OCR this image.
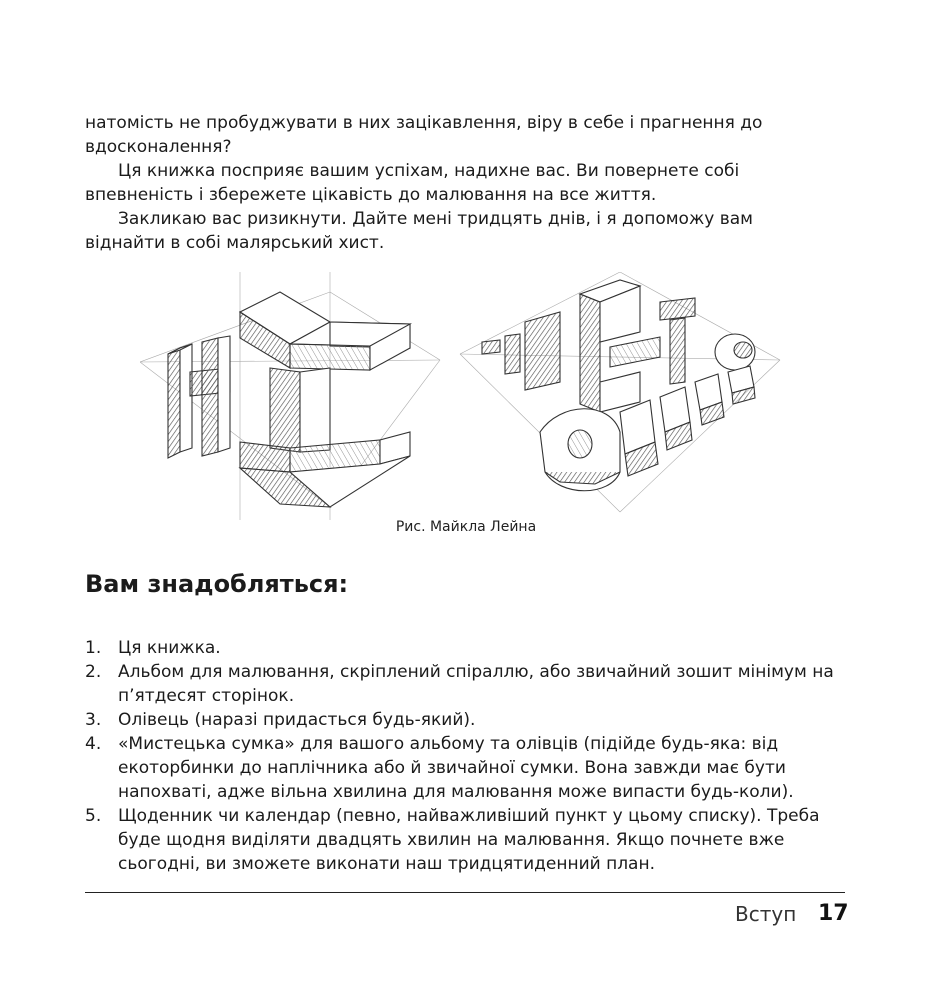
натомість не пробуджувати в них зацікавлення, віру в себе і прагнення до вдосконалення?

Ця книжка посприяє вашим успіхам, надихне вас. Ви повернете собі впевненість і збережете цікавість до малювання на все життя.

Закликаю вас ризикнути. Дайте мені тридцять днів, і я допоможу вам віднайти в собі малярський хист.

Рис. Майкла Лейна
Вам знадобляться:
1. Ця книжка.
2. Альбом для малювання, скріплений спіраллю, або звичайний зошит мінімум на п’ятдесят сторінок.
3. Олівець (наразі придасться будь-який).
4. «Мистецька сумка» для вашого альбому та олівців (підійде будь-яка: від екоторбинки до наплічника або й звичайної сумки. Вона завжди має бути напохваті, адже вільна хвилина для малювання може випасти будь-коли).
5. Щоденник чи календар (певно, найважливіший пункт у цьому списку). Треба буде щодня виділяти двадцять хвилин на малювання. Якщо почнете вже сьогодні, ви зможете виконати наш тридцятиденний план.
Вступ 17
